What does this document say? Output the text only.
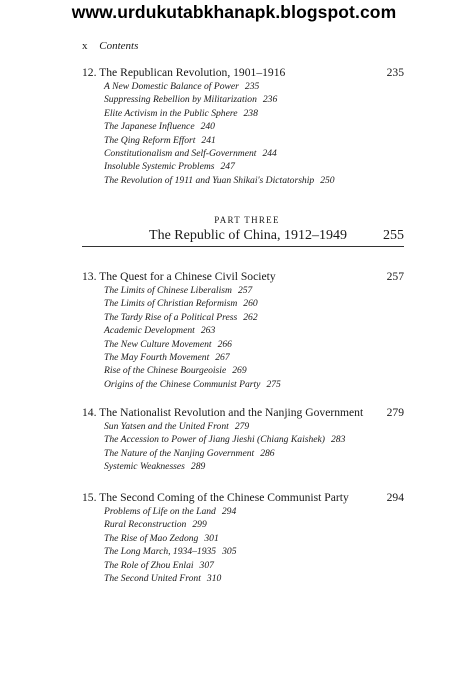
www.urdukutabkhanapk.blogspot.com
x Contents
12. The Republican Revolution, 1901–1916	235
A New Domestic Balance of Power 235
Suppressing Rebellion by Militarization 236
Elite Activism in the Public Sphere 238
The Japanese Influence 240
The Qing Reform Effort 241
Constitutionalism and Self-Government 244
Insoluble Systemic Problems 247
The Revolution of 1911 and Yuan Shikai's Dictatorship 250
PART THREE
The Republic of China, 1912–1949	255
13. The Quest for a Chinese Civil Society	257
The Limits of Chinese Liberalism 257
The Limits of Christian Reformism 260
The Tardy Rise of a Political Press 262
Academic Development 263
The New Culture Movement 266
The May Fourth Movement 267
Rise of the Chinese Bourgeoisie 269
Origins of the Chinese Communist Party 275
14. The Nationalist Revolution and the Nanjing Government 279
Sun Yatsen and the United Front 279
The Accession to Power of Jiang Jieshi (Chiang Kaishek) 283
The Nature of the Nanjing Government 286
Systemic Weaknesses 289
15. The Second Coming of the Chinese Communist Party	294
Problems of Life on the Land 294
Rural Reconstruction 299
The Rise of Mao Zedong 301
The Long March, 1934–1935 305
The Role of Zhou Enlai 307
The Second United Front 310
